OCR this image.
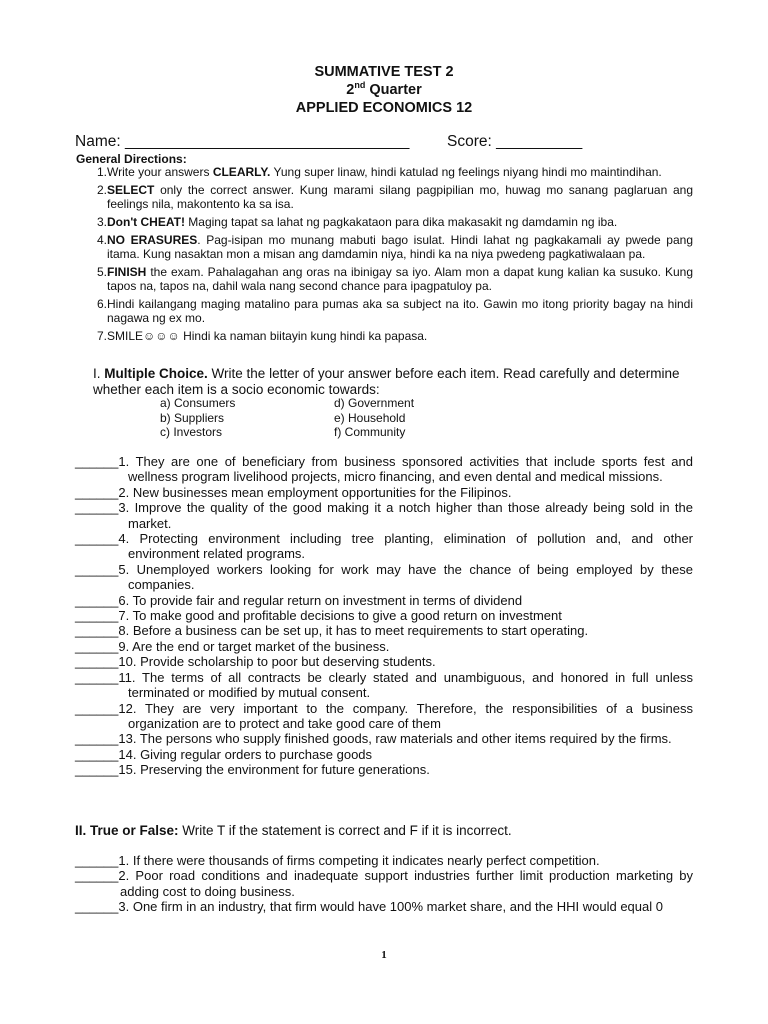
SUMMATIVE TEST 2
2nd Quarter
APPLIED ECONOMICS 12
Name: _________________________________ Score: __________
General Directions:
1. Write your answers CLEARLY. Yung super linaw, hindi katulad ng feelings niyang hindi mo maintindihan.
2. SELECT only the correct answer. Kung marami silang pagpipilian mo, huwag mo sanang paglaruan ang feelings nila, makontento ka sa isa.
3. Don't CHEAT! Maging tapat sa lahat ng pagkakataon para dika makasakit ng damdamin ng iba.
4. NO ERASURES. Pag-isipan mo munang mabuti bago isulat. Hindi lahat ng pagkakamali ay pwede pang itama. Kung nasaktan mon a misan ang damdamin niya, hindi ka na niya pwedeng pagkatiwalaan pa.
5. FINISH the exam. Pahalagahan ang oras na ibinigay sa iyo. Alam mon a dapat kung kalian ka susuko. Kung tapos na, tapos na, dahil wala nang second chance para ipagpatuloy pa.
6. Hindi kailangang maging matalino para pumas aka sa subject na ito. Gawin mo itong priority bagay na hindi nagawa ng ex mo.
7. SMILE☺☺☺ Hindi ka naman biitayin kung hindi ka papasa.
I. Multiple Choice. Write the letter of your answer before each item. Read carefully and determine whether each item is a socio economic towards:
a) Consumers
b) Suppliers
c) Investors
d) Government
e) Household
f) Community
______1. They are one of beneficiary from business sponsored activities that include sports fest and wellness program livelihood projects, micro financing, and even dental and medical missions.
______2. New businesses mean employment opportunities for the Filipinos.
______3. Improve the quality of the good making it a notch higher than those already being sold in the market.
______4. Protecting environment including tree planting, elimination of pollution and, and other environment related programs.
______5. Unemployed workers looking for work may have the chance of being employed by these companies.
______6. To provide fair and regular return on investment in terms of dividend
______7. To make good and profitable decisions to give a good return on investment
______8. Before a business can be set up, it has to meet requirements to start operating.
______9. Are the end or target market of the business.
______10. Provide scholarship to poor but deserving students.
______11. The terms of all contracts be clearly stated and unambiguous, and honored in full unless terminated or modified by mutual consent.
______12. They are very important to the company. Therefore, the responsibilities of a business organization are to protect and take good care of them
______13. The persons who supply finished goods, raw materials and other items required by the firms.
______14. Giving regular orders to purchase goods
______15. Preserving the environment for future generations.
II. True or False: Write T if the statement is correct and F if it is incorrect.
______1. If there were thousands of firms competing it indicates nearly perfect competition.
______2. Poor road conditions and inadequate support industries further limit production marketing by adding cost to doing business.
______3. One firm in an industry, that firm would have 100% market share, and the HHI would equal 0
1
